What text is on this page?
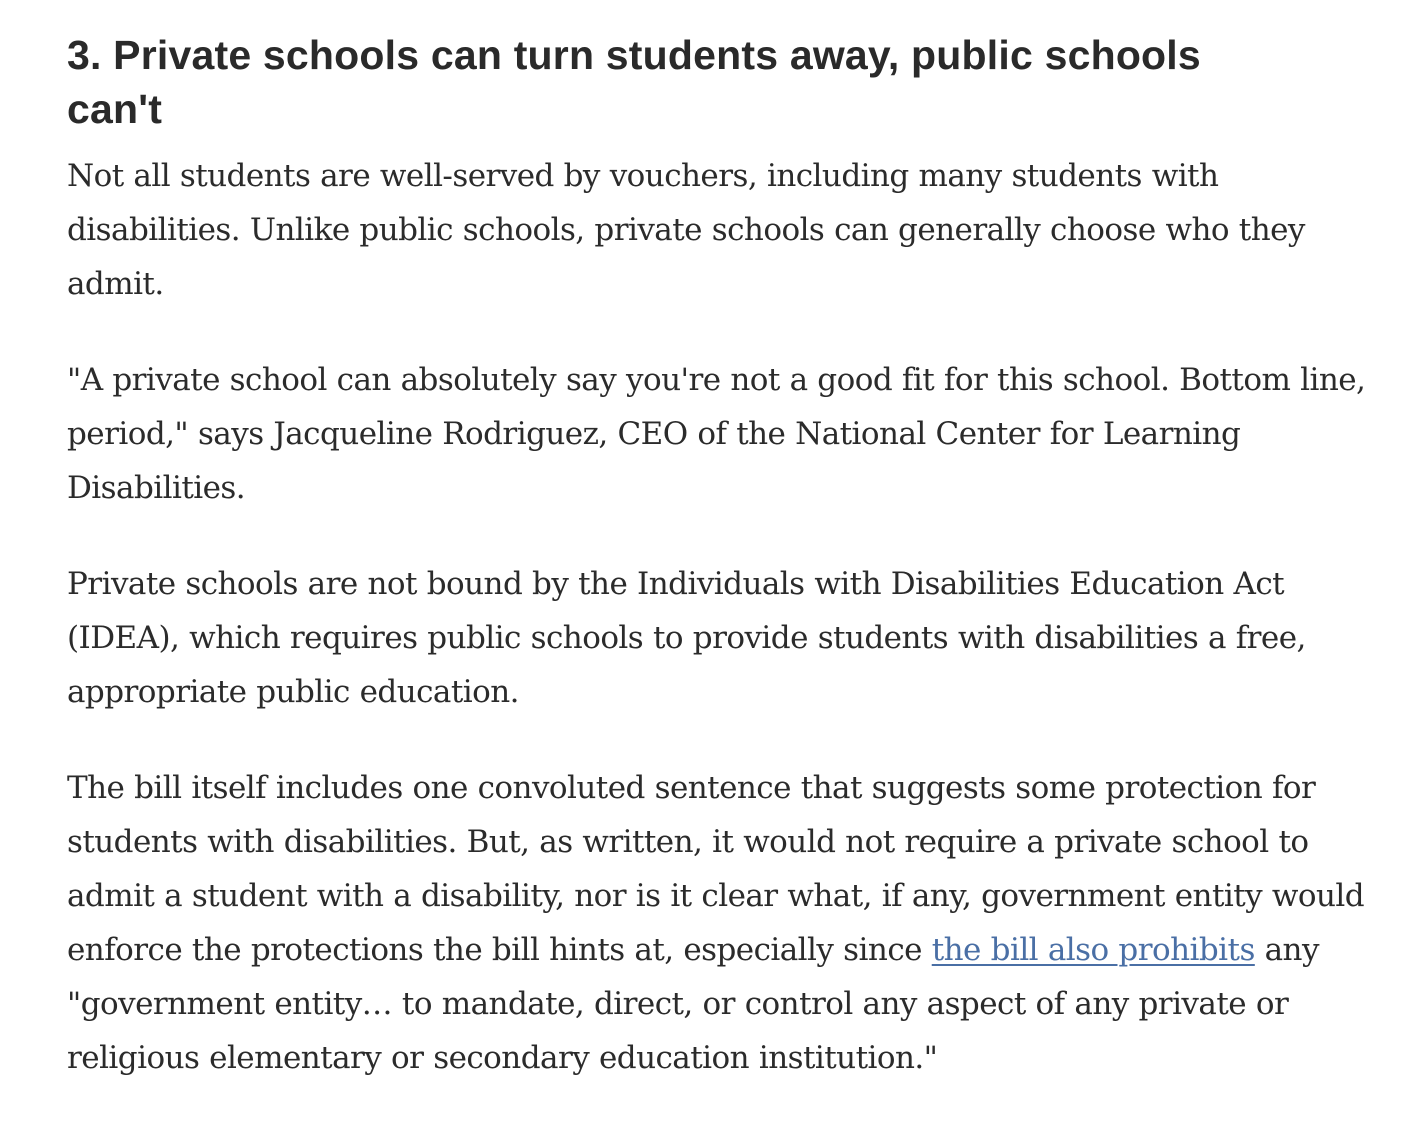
3. Private schools can turn students away, public schools can't

Not all students are well-served by vouchers, including many students with disabilities. Unlike public schools, private schools can generally choose who they admit.

"A private school can absolutely say you're not a good fit for this school. Bottom line, period," says Jacqueline Rodriguez, CEO of the National Center for Learning Disabilities.

Private schools are not bound by the Individuals with Disabilities Education Act (IDEA), which requires public schools to provide students with disabilities a free, appropriate public education.

The bill itself includes one convoluted sentence that suggests some protection for students with disabilities. But, as written, it would not require a private school to admit a student with a disability, nor is it clear what, if any, government entity would enforce the protections the bill hints at, especially since the bill also prohibits any "government entity… to mandate, direct, or control any aspect of any private or religious elementary or secondary education institution."
